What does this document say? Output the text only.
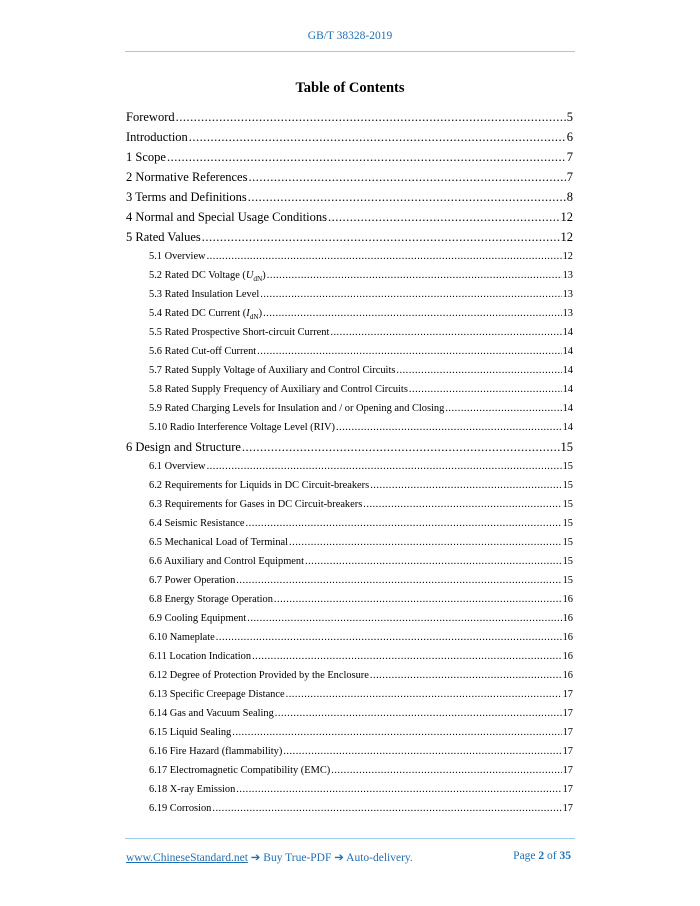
GB/T 38328-2019
Table of Contents
Foreword .....	5
Introduction .....	6
1 Scope .....	7
2 Normative References .....	7
3 Terms and Definitions .....	8
4 Normal and Special Usage Conditions .....	12
5 Rated Values .....	12
5.1 Overview .....	12
5.2 Rated DC Voltage $(U_{dN})$ .....	13
5.3 Rated Insulation Level .....	13
5.4 Rated DC Current $(I_{dN})$ .....	13
5.5 Rated Prospective Short-circuit Current .....	14
5.6 Rated Cut-off Current .....	14
5.7 Rated Supply Voltage of Auxiliary and Control Circuits .....	14
5.8 Rated Supply Frequency of Auxiliary and Control Circuits .....	14
5.9 Rated Charging Levels for Insulation and / or Opening and Closing .....	14
5.10 Radio Interference Voltage Level (RIV) .....	14
6 Design and Structure .....	15
6.1 Overview .....	15
6.2 Requirements for Liquids in DC Circuit-breakers .....	15
6.3 Requirements for Gases in DC Circuit-breakers .....	15
6.4 Seismic Resistance .....	15
6.5 Mechanical Load of Terminal .....	15
6.6 Auxiliary and Control Equipment .....	15
6.7 Power Operation .....	15
6.8 Energy Storage Operation .....	16
6.9 Cooling Equipment .....	16
6.10 Nameplate .....	16
6.11 Location Indication .....	16
6.12 Degree of Protection Provided by the Enclosure .....	16
6.13 Specific Creepage Distance .....	17
6.14 Gas and Vacuum Sealing .....	17
6.15 Liquid Sealing .....	17
6.16 Fire Hazard (flammability) .....	17
6.17 Electromagnetic Compatibility (EMC) .....	17
6.18 X-ray Emission .....	17
6.19 Corrosion .....	17
www.ChineseStandard.net ➔ Buy True-PDF ➔ Auto-delivery.	Page 2 of 35
